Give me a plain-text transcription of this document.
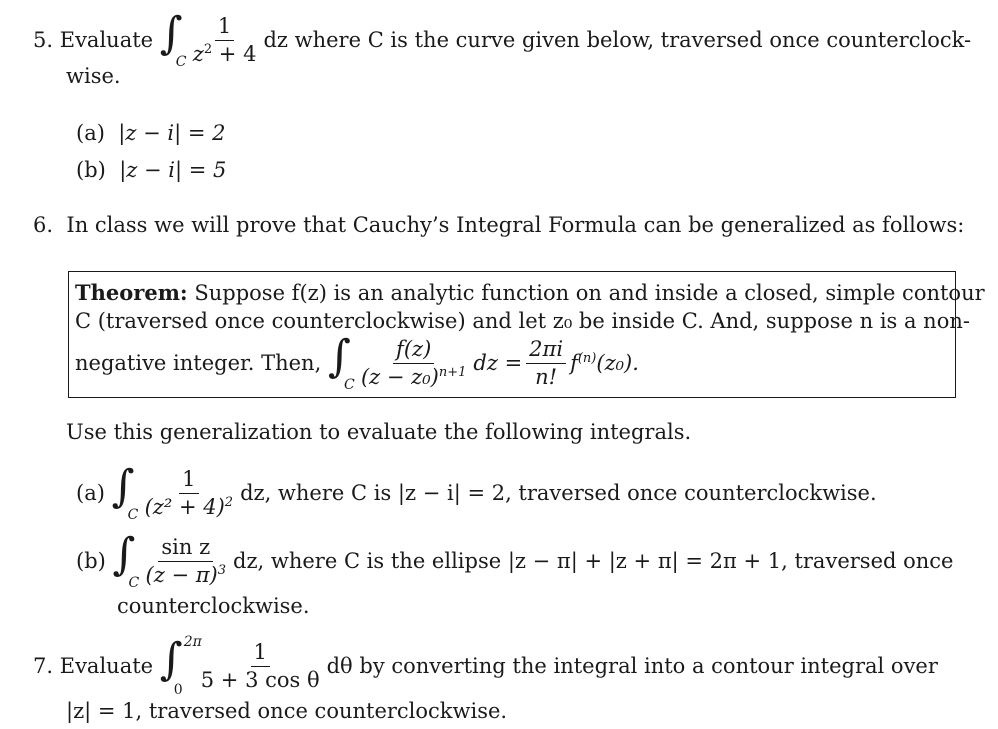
5.
Evaluate
∫
C $\frac{1}{z^2 + 4}$ dz where C is the curve given below, traversed once counterclock-
wise.
(a) |z − i| = 2
(b) |z − i| = 5
6. In class we will prove that Cauchy’s Integral Formula can be generalized as follows:
Theorem: Suppose f(z) is an analytic function on and inside a closed, simple contour
C (traversed once counterclockwise) and let z₀ be inside C. And, suppose n is a non-
negative integer. Then,
∫
C $\frac{f(z)}{(z - z_0)^{n+1}}$ dz = $\frac{2\pi i}{n!} f^{(n)}(z_0)$.
Use this generalization to evaluate the following integrals.
(a)
∫
C $\frac{1}{(z^2 + 4)^2}$ dz, where C is |z − i| = 2, traversed once counterclockwise.
(b)
∫
C $\frac{\text{sin z}}{(z - \pi)^3}$ dz, where C is the ellipse |z − π| + |z + π| = 2π + 1, traversed once
counterclockwise.
7.
Evaluate
∫ 2π
$0 \frac{1}{\text{5 + 3 cos θ}}$ dθ by converting the integral into a contour integral over
|z| = 1, traversed once counterclockwise.
